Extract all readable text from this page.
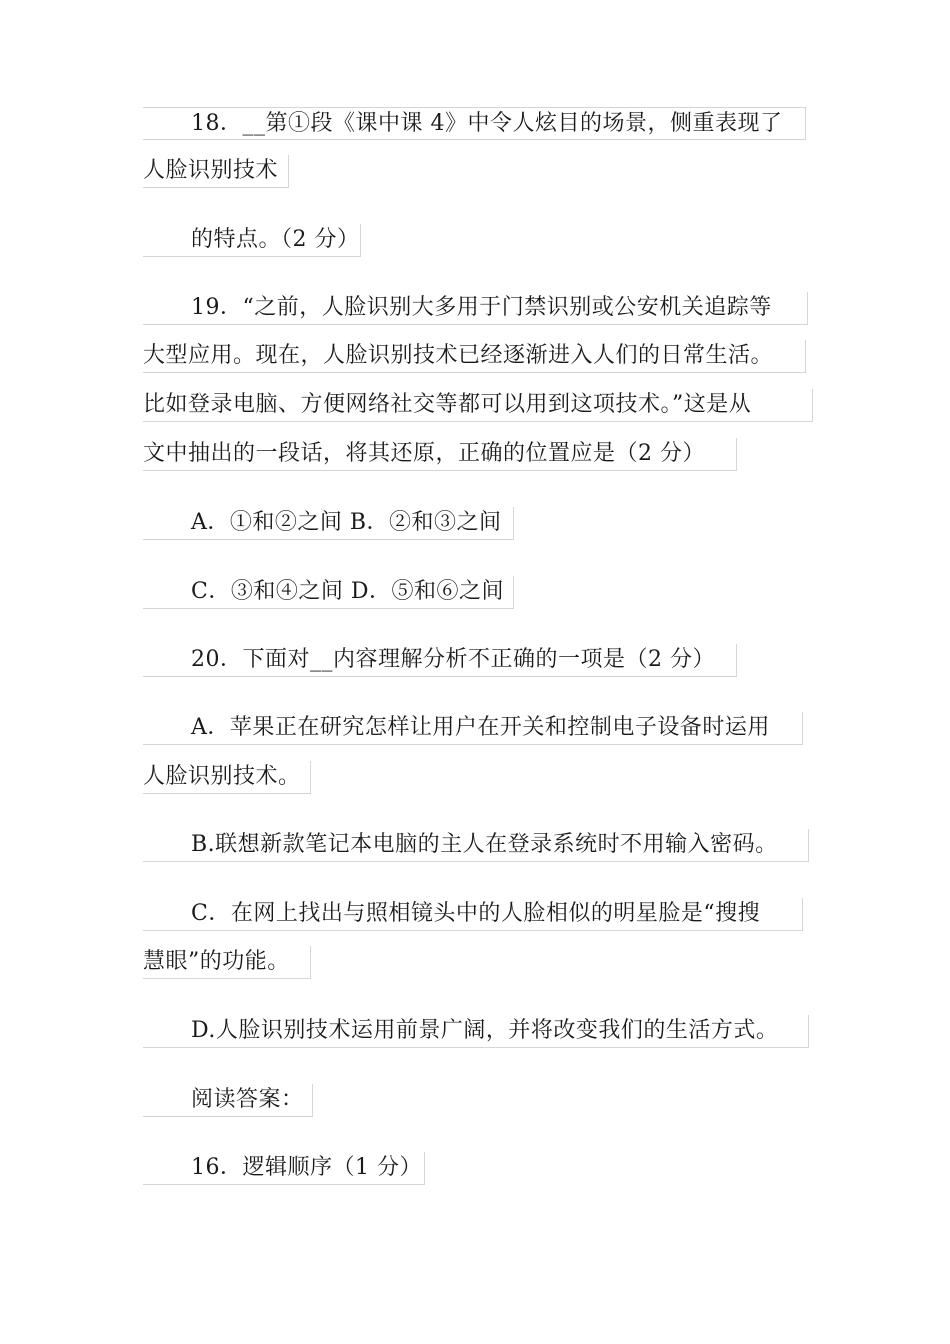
18．__第①段《课中课 4》中令人炫目的场景，侧重表现了
人脸识别技术
的特点。（2 分）
19．“之前，人脸识别大多用于门禁识别或公安机关追踪等
大型应用。现在，人脸识别技术已经逐渐进入人们的日常生活。
比如登录电脑、方便网络社交等都可以用到这项技术。”这是从
文中抽出的一段话，将其还原，正确的位置应是（2 分）
A．①和②之间 B．②和③之间
C．③和④之间 D．⑤和⑥之间
20．下面对__内容理解分析不正确的一项是（2 分）
A．苹果正在研究怎样让用户在开关和控制电子设备时运用
人脸识别技术。
B.联想新款笔记本电脑的主人在登录系统时不用输入密码。
C．在网上找出与照相镜头中的人脸相似的明星脸是“搜搜
慧眼”的功能。
D.人脸识别技术运用前景广阔，并将改变我们的生活方式。
阅读答案：
16．逻辑顺序（1 分）
